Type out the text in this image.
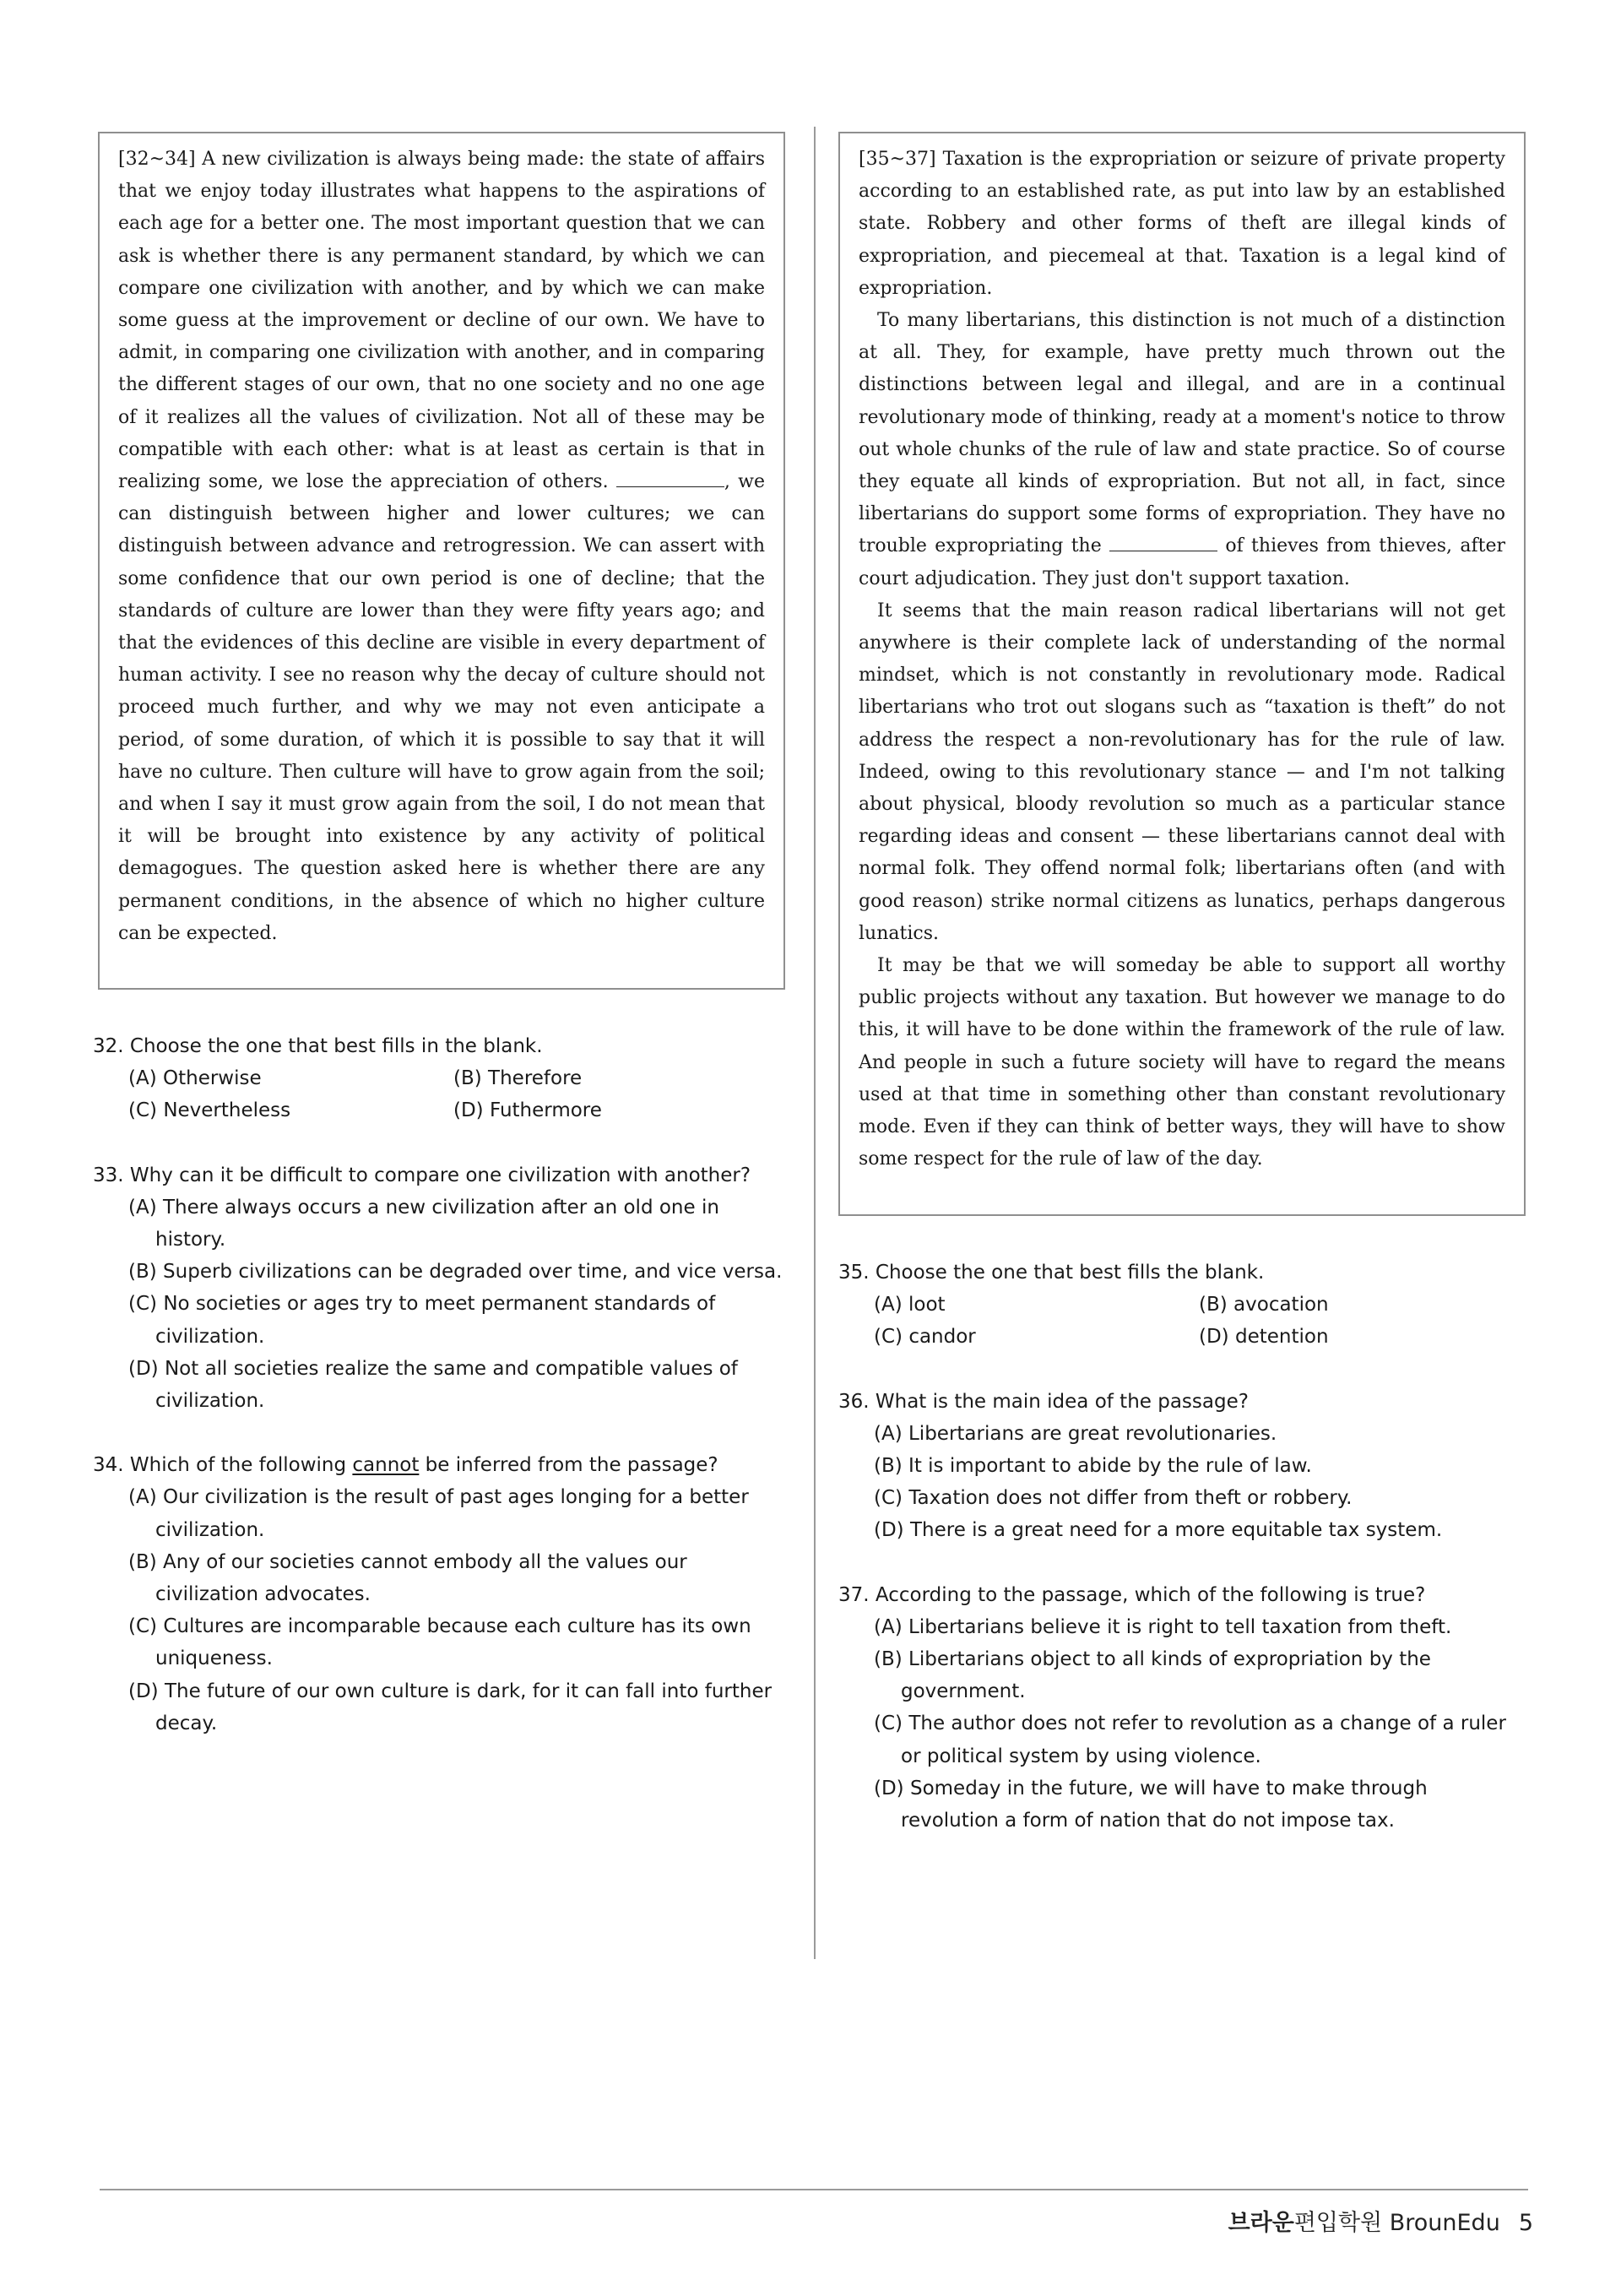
[32~34] A new civilization is always being made: the state of affairs that we enjoy today illustrates what happens to the aspirations of each age for a better one. The most important question that we can ask is whether there is any permanent standard, by which we can compare one civilization with another, and by which we can make some guess at the improvement or decline of our own. We have to admit, in comparing one civilization with another, and in comparing the different stages of our own, that no one society and no one age of it realizes all the values of civilization. Not all of these may be compatible with each other: what is at least as certain is that in realizing some, we lose the appreciation of others.	, we can distinguish between higher and lower cultures; we can distinguish between advance and retrogression. We can assert with some confidence that our own period is one of decline; that the standards of culture are lower than they were fifty years ago; and that the evidences of this decline are visible in every department of human activity. I see no reason why the decay of culture should not proceed much further, and why we may not even anticipate a period, of some duration, of which it is possible to say that it will have no culture. Then culture will have to grow again from the soil; and when I say it must grow again from the soil, I do not mean that it will be brought into existence by any activity of political demagogues. The question asked here is whether there are any permanent conditions, in the absence of which no higher culture can be expected.

[35~37] Taxation is the expropriation or seizure of private property according to an established rate, as put into law by an established state. Robbery and other forms of theft are illegal kinds of expropriation, and piecemeal at that. Taxation is a legal kind of expropriation.

To many libertarians, this distinction is not much of a distinction at all. They, for example, have pretty much thrown out the distinctions between legal and illegal, and are in a continual revolutionary mode of thinking, ready at a moment's notice to throw out whole chunks of the rule of law and state practice. So of course they equate all kinds of expropriation. But not all, in fact, since libertarians do support some forms of expropriation. They have no trouble expropriating the	of thieves from thieves, after court adjudication. They just don't support taxation.

It seems that the main reason radical libertarians will not get anywhere is their complete lack of understanding of the normal mindset, which is not constantly in revolutionary mode. Radical libertarians who trot out slogans such as “taxation is theft” do not address the respect a non-revolutionary has for the rule of law. Indeed, owing to this revolutionary stance — and I'm not talking about physical, bloody revolution so much as a particular stance regarding ideas and consent — these libertarians cannot deal with normal folk. They offend normal folk; libertarians often (and with good reason) strike normal citizens as lunatics, perhaps dangerous lunatics.

It may be that we will someday be able to support all worthy public projects without any taxation. But however we manage to do this, it will have to be done within the framework of the rule of law. And people in such a future society will have to regard the means used at that time in something other than constant revolutionary mode. Even if they can think of better ways, they will have to show some respect for the rule of law of the day.

32. Choose the one that best fills in the blank.

(A) Otherwise	(B) Therefore
(C) Nevertheless	(D) Futhermore

33. Why can it be difficult to compare one civilization with another?

(A) There always occurs a new civilization after an old one in history.
(B) Superb civilizations can be degraded over time, and vice versa.
(C) No societies or ages try to meet permanent standards of civilization.
(D) Not all societies realize the same and compatible values of civilization.

34. Which of the following cannot be inferred from the passage?

(A) Our civilization is the result of past ages longing for a better civilization.
(B) Any of our societies cannot embody all the values our civilization advocates.
(C) Cultures are incomparable because each culture has its own uniqueness.
(D) The future of our own culture is dark, for it can fall into further decay.

35. Choose the one that best fills the blank.

(A) loot	(B) avocation
(C) candor	(D) detention

36. What is the main idea of the passage?

(A) Libertarians are great revolutionaries.
(B) It is important to abide by the rule of law.
(C) Taxation does not differ from theft or robbery.
(D) There is a great need for a more equitable tax system.

37. According to the passage, which of the following is true?

(A) Libertarians believe it is right to tell taxation from theft.
(B) Libertarians object to all kinds of expropriation by the government.
(C) The author does not refer to revolution as a change of a ruler or political system by using violence.
(D) Someday in the future, we will have to make through revolution a form of nation that do not impose tax.
브라운편입학원 BrounEdu 5
